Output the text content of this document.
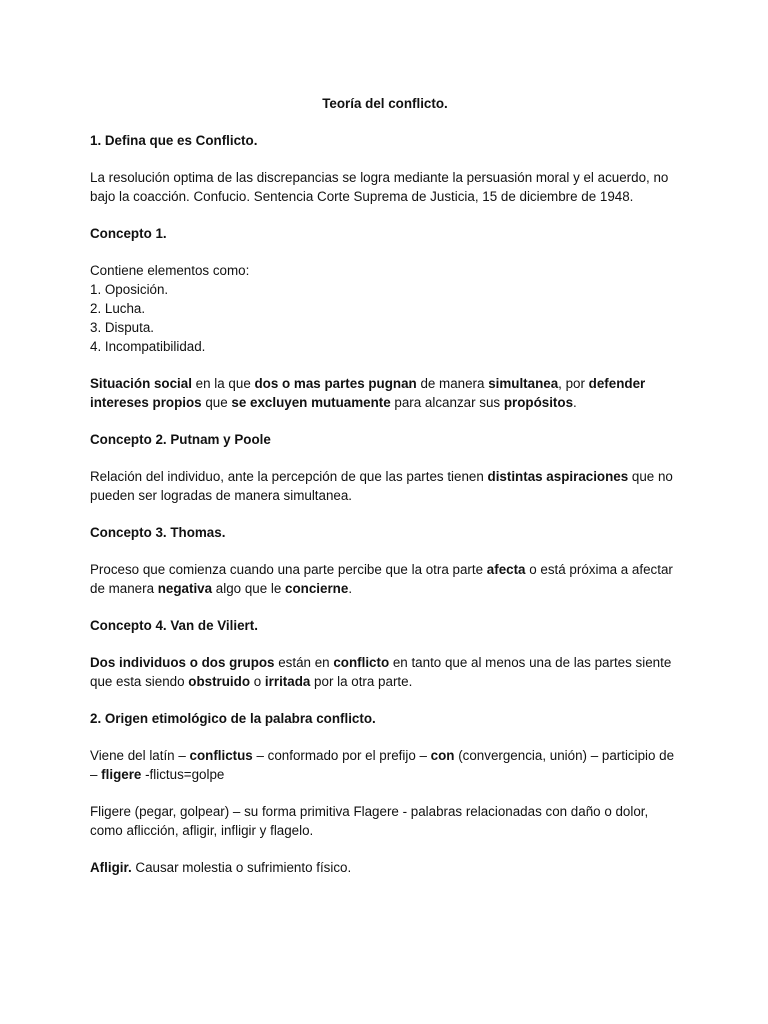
Teoría del conflicto.
1. Defina que es Conflicto.

La resolución optima de las discrepancias se logra mediante la persuasión moral y el acuerdo, no bajo la coacción. Confucio. Sentencia Corte Suprema de Justicia, 15 de diciembre de 1948.

Concepto 1.
Contiene elementos como:
1. Oposición.
2. Lucha.
3. Disputa.
4. Incompatibilidad.

Situación social en la que dos o mas partes pugnan de manera simultanea, por defender intereses propios que se excluyen mutuamente para alcanzar sus propósitos.

Concepto 2. Putnam y Poole

Relación del individuo, ante la percepción de que las partes tienen distintas aspiraciones que no pueden ser logradas de manera simultanea.

Concepto 3. Thomas.

Proceso que comienza cuando una parte percibe que la otra parte afecta o está próxima a afectar de manera negativa algo que le concierne.

Concepto 4. Van de Viliert.

Dos individuos o dos grupos están en conflicto en tanto que al menos una de las partes siente que esta siendo obstruido o irritada por la otra parte.

2. Origen etimológico de la palabra conflicto.

Viene del latín – conflictus – conformado por el prefijo – con (convergencia, unión) – participio de – fligere -flictus=golpe

Fligere (pegar, golpear) – su forma primitiva Flagere - palabras relacionadas con daño o dolor, como aflicción, afligir, infligir y flagelo.

Afligir. Causar molestia o sufrimiento físico.
